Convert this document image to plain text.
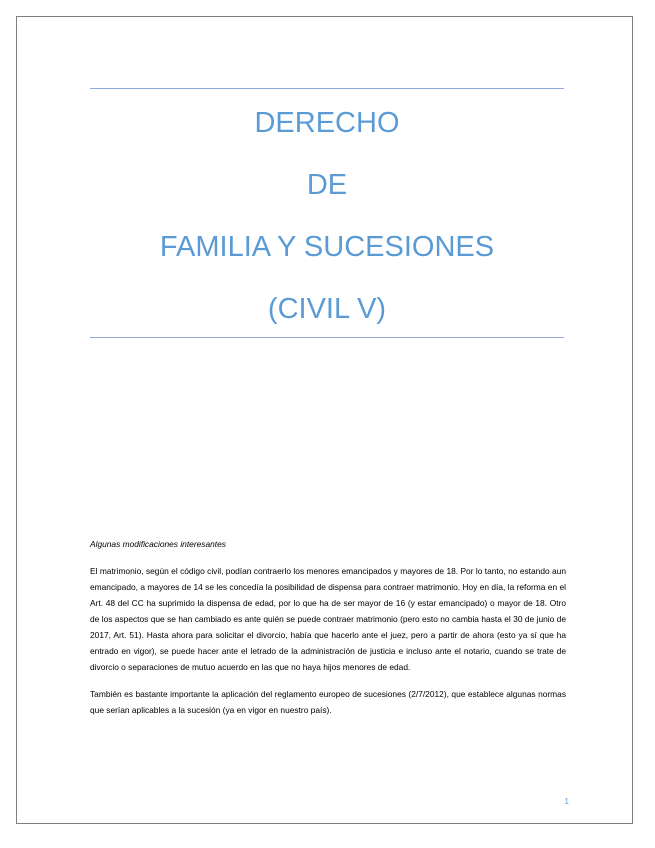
DERECHO
DE
FAMILIA Y SUCESIONES
(CIVIL V)

Algunas modificaciones interesantes

El matrimonio, según el código civil, podían contraerlo los menores emancipados y mayores de 18. Por lo tanto, no estando aun emancipado, a mayores de 14 se les concedía la posibilidad de dispensa para contraer matrimonio. Hoy en día, la reforma en el Art. 48 del CC ha suprimido la dispensa de edad, por lo que ha de ser mayor de 16 (y estar emancipado) o mayor de 18. Otro de los aspectos que se han cambiado es ante quién se puede contraer matrimonio (pero esto no cambia hasta el 30 de junio de 2017, Art. 51). Hasta ahora para solicitar el divorcio, había que hacerlo ante el juez, pero a partir de ahora (esto ya sí que ha entrado en vigor), se puede hacer ante el letrado de la administración de justicia e incluso ante el notario, cuando se trate de divorcio o separaciones de mutuo acuerdo en las que no haya hijos menores de edad.

También es bastante importante la aplicación del reglamento europeo de sucesiones (2/7/2012), que establece algunas normas que serían aplicables a la sucesión (ya en vigor en nuestro país).

1
